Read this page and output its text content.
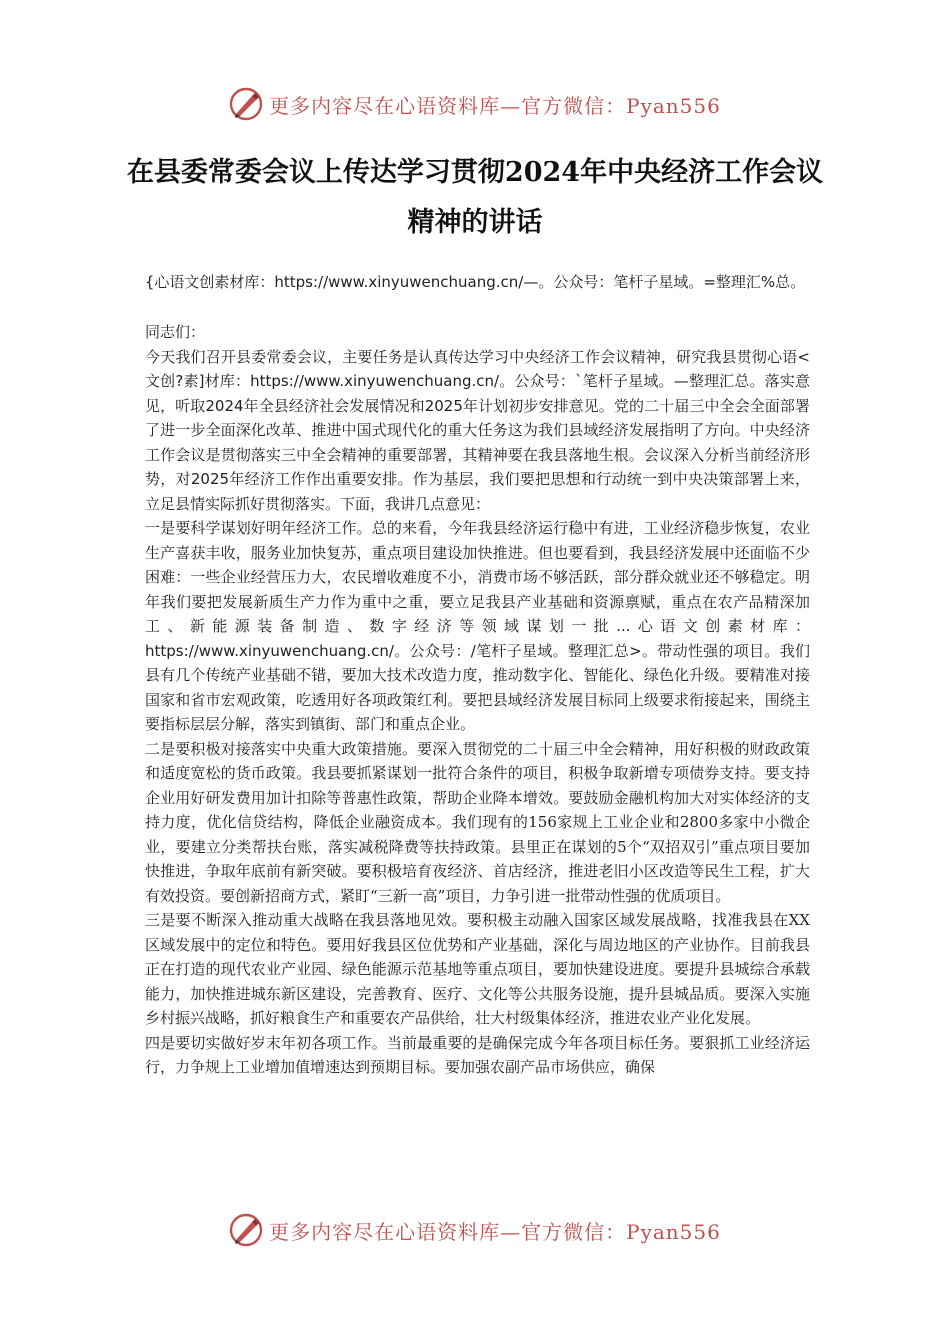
更多内容尽在心语资料库—官方微信：Pyan556
在县委常委会议上传达学习贯彻2024年中央经济工作会议精神的讲话
{心语文创素材库：https://www.xinyuwenchuang.cn/—。公众号：笔杆子星域。=整理汇%总。

同志们：

今天我们召开县委常委会议，主要任务是认真传达学习中央经济工作会议精神，研究我县贯彻心语<文创?素]材库：https://www.xinyuwenchuang.cn/。公众号：`笔杆子星域。—整理汇总。落实意见，听取2024年全县经济社会发展情况和2025年计划初步安排意见。党的二十届三中全会全面部署了进一步全面深化改革、推进中国式现代化的重大任务这为我们县域经济发展指明了方向。中央经济工作会议是贯彻落实三中全会精神的重要部署，其精神要在我县落地生根。会议深入分析当前经济形势，对2025年经济工作作出重要安排。作为基层，我们要把思想和行动统一到中央决策部署上来，立足县情实际抓好贯彻落实。下面，我讲几点意见：

一是要科学谋划好明年经济工作。总的来看，今年我县经济运行稳中有进，工业经济稳步恢复，农业生产喜获丰收，服务业加快复苏，重点项目建设加快推进。但也要看到，我县经济发展中还面临不少困难：一些企业经营压力大，农民增收难度不小，消费市场不够活跃，部分群众就业还不够稳定。明年我们要把发展新质生产力作为重中之重，要立足我县产业基础和资源禀赋，重点在农产品精深加工、新能源装备制造、数字经济等领域谋划一批...心语文创素材库：https://www.xinyuwenchuang.cn/。公众号：/笔杆子星域。整理汇总>。带动性强的项目。我们县有几个传统产业基础不错，要加大技术改造力度，推动数字化、智能化、绿色化升级。要精准对接国家和省市宏观政策，吃透用好各项政策红利。要把县域经济发展目标同上级要求衔接起来，围绕主要指标层层分解，落实到镇街、部门和重点企业。

二是要积极对接落实中央重大政策措施。要深入贯彻党的二十届三中全会精神，用好积极的财政政策和适度宽松的货币政策。我县要抓紧谋划一批符合条件的项目，积极争取新增专项债券支持。要支持企业用好研发费用加计扣除等普惠性政策，帮助企业降本增效。要鼓励金融机构加大对实体经济的支持力度，优化信贷结构，降低企业融资成本。我们现有的156家规上工业企业和2800多家中小微企业，要建立分类帮扶台账，落实减税降费等扶持政策。县里正在谋划的5个“双招双引”重点项目要加快推进，争取年底前有新突破。要积极培育夜经济、首店经济，推进老旧小区改造等民生工程，扩大有效投资。要创新招商方式，紧盯“三新一高”项目，力争引进一批带动性强的优质项目。

三是要不断深入推动重大战略在我县落地见效。要积极主动融入国家区域发展战略，找准我县在XX区域发展中的定位和特色。要用好我县区位优势和产业基础，深化与周边地区的产业协作。目前我县正在打造的现代农业产业园、绿色能源示范基地等重点项目，要加快建设进度。要提升县城综合承载能力，加快推进城东新区建设，完善教育、医疗、文化等公共服务设施，提升县城品质。要深入实施乡村振兴战略，抓好粮食生产和重要农产品供给，壮大村级集体经济，推进农业产业化发展。

四是要切实做好岁末年初各项工作。当前最重要的是确保完成今年各项目标任务。要狠抓工业经济运行，力争规上工业增加值增速达到预期目标。要加强农副产品市场供应，确保

更多内容尽在心语资料库—官方微信：Pyan556
